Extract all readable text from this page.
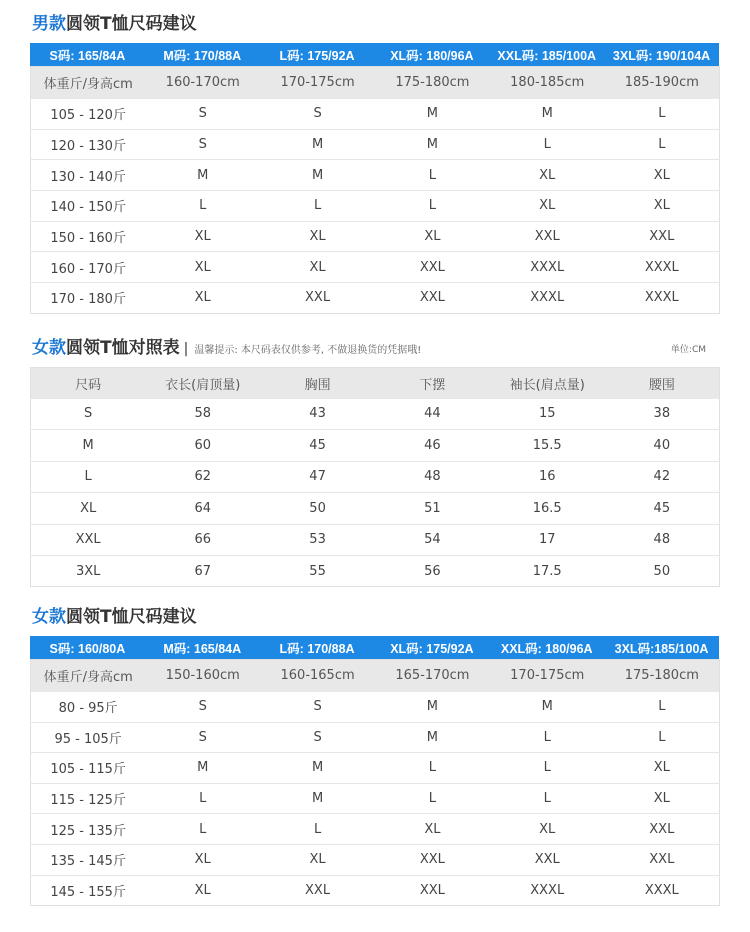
男款圆领T恤尺码建议
S码: 165/84A	M码: 170/88A	L码: 175/92A	XL码: 180/96A	XXL码: 185/100A	3XL码: 190/104A
体重斤/身高cm	160-170cm	170-175cm	175-180cm	180-185cm	185-190cm
105 - 120斤	S	S	M	M	L
120 - 130斤	S	M	M	L	L
130 - 140斤	M	M	L	XL	XL
140 - 150斤	L	L	L	XL	XL
150 - 160斤	XL	XL	XL	XXL	XXL
160 - 170斤	XL	XL	XXL	XXXL	XXXL
170 - 180斤	XL	XXL	XXL	XXXL	XXXL
女款圆领T恤对照表 | 温馨提示: 本尺码表仅供参考, 不做退换货的凭据哦!	单位:CM
尺码	衣长(肩顶量)	胸围	下摆	袖长(肩点量)	腰围
S	58	43	44	15	38
M	60	45	46	15.5	40
L	62	47	48	16	42
XL	64	50	51	16.5	45
XXL	66	53	54	17	48
3XL	67	55	56	17.5	50
女款圆领T恤尺码建议
S码: 160/80A	M码: 165/84A	L码: 170/88A	XL码: 175/92A	XXL码: 180/96A	3XL码:185/100A
体重斤/身高cm	150-160cm	160-165cm	165-170cm	170-175cm	175-180cm
80 - 95斤	S	S	M	M	L
95 - 105斤	S	S	M	L	L
105 - 115斤	M	M	L	L	XL
115 - 125斤	L	M	L	L	XL
125 - 135斤	L	L	XL	XL	XXL
135 - 145斤	XL	XL	XXL	XXL	XXL
145 - 155斤	XL	XXL	XXL	XXXL	XXXL
